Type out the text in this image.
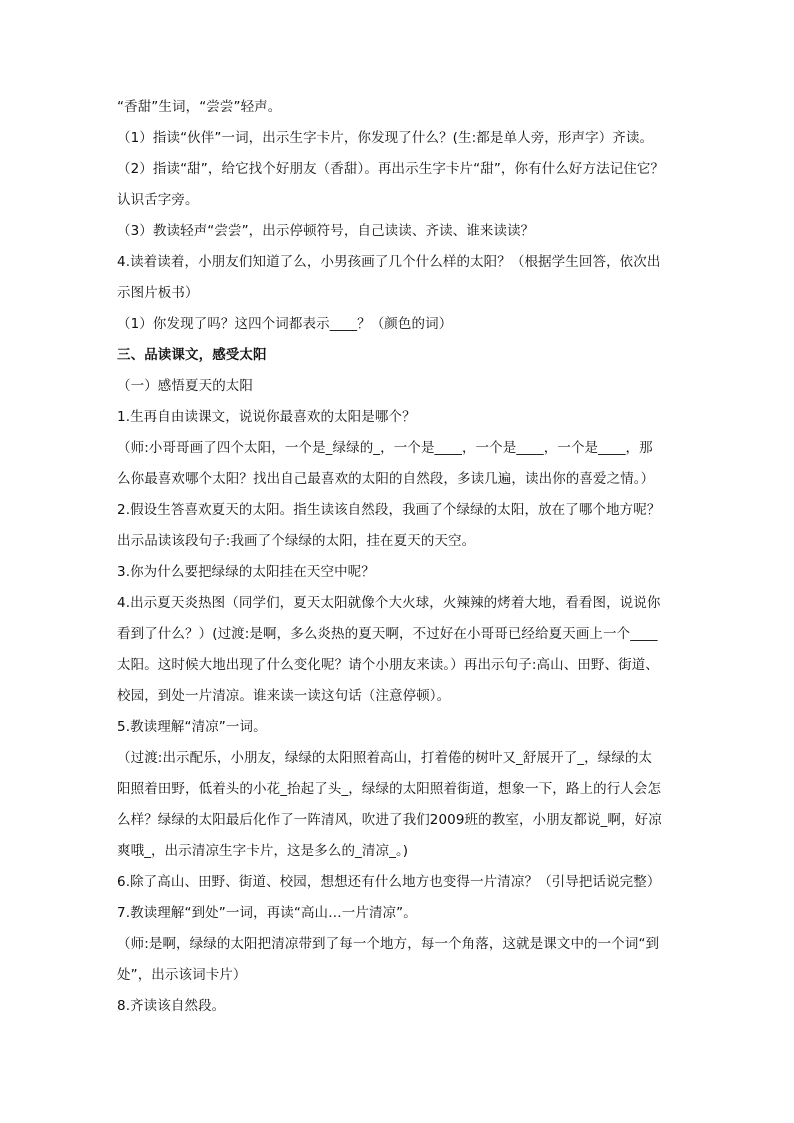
“香甜”生词，“尝尝”轻声。

（1）指读“伙伴”一词，出示生字卡片，你发现了什么？(生:都是单人旁，形声字）齐读。

（2）指读“甜”，给它找个好朋友（香甜）。再出示生字卡片“甜”，你有什么好方法记住它？

认识舌字旁。

（3）教读轻声“尝尝”，出示停顿符号，自己读读、齐读、谁来读读？

4.读着读着，小朋友们知道了么，小男孩画了几个什么样的太阳？（根据学生回答，依次出

示图片板书）

（1）你发现了吗？这四个词都表示____？（颜色的词）

三、品读课文，感受太阳

（一）感悟夏天的太阳

1.生再自由读课文，说说你最喜欢的太阳是哪个？

（师:小哥哥画了四个太阳，一个是_绿绿的_，一个是____，一个是____，一个是____，那

么你最喜欢哪个太阳？找出自己最喜欢的太阳的自然段，多读几遍，读出你的喜爱之情。）

2.假设生答喜欢夏天的太阳。指生读该自然段，我画了个绿绿的太阳，放在了哪个地方呢？

出示品读该段句子:我画了个绿绿的太阳，挂在夏天的天空。

3.你为什么要把绿绿的太阳挂在天空中呢？

4.出示夏天炎热图（同学们，夏天太阳就像个大火球，火辣辣的烤着大地，看看图，说说你

看到了什么？）(过渡:是啊，多么炎热的夏天啊，不过好在小哥哥已经给夏天画上一个____

太阳。这时候大地出现了什么变化呢？请个小朋友来读。）再出示句子:高山、田野、街道、

校园，到处一片清凉。谁来读一读这句话（注意停顿）。

5.教读理解“清凉”一词。

（过渡:出示配乐，小朋友，绿绿的太阳照着高山，打着倦的树叶又_舒展开了_，绿绿的太

阳照着田野，低着头的小花_抬起了头_，绿绿的太阳照着街道，想象一下，路上的行人会怎

么样？绿绿的太阳最后化作了一阵清风，吹进了我们2009班的教室，小朋友都说_啊，好凉

爽哦_，出示清凉生字卡片，这是多么的_清凉_。)

6.除了高山、田野、街道、校园，想想还有什么地方也变得一片清凉？（引导把话说完整）

7.教读理解“到处”一词，再读“高山…一片清凉”。

（师:是啊，绿绿的太阳把清凉带到了每一个地方，每一个角落，这就是课文中的一个词“到

处”，出示该词卡片）

8.齐读该自然段。
